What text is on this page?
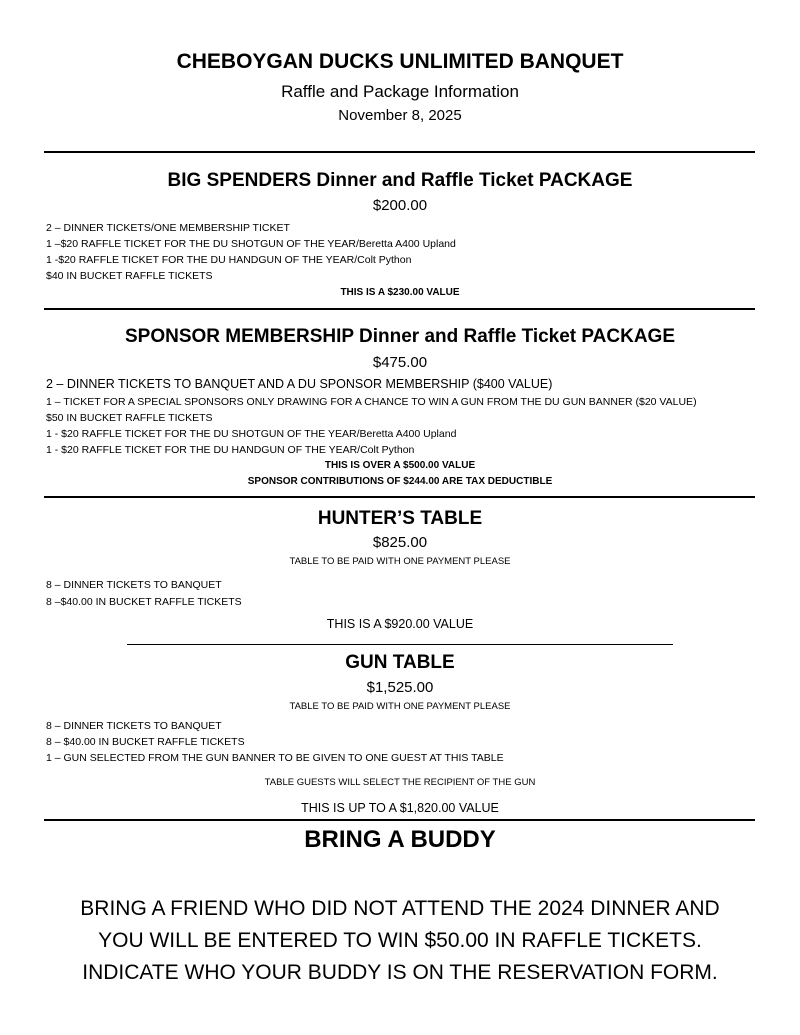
CHEBOYGAN DUCKS UNLIMITED BANQUET
Raffle and Package Information
November 8, 2025
BIG SPENDERS Dinner and Raffle Ticket PACKAGE
$200.00
2 – DINNER TICKETS/ONE MEMBERSHIP TICKET
1 –$20 RAFFLE TICKET FOR THE DU SHOTGUN OF THE YEAR/Beretta A400 Upland
1 -$20 RAFFLE TICKET FOR THE DU HANDGUN OF THE YEAR/Colt Python
$40 IN BUCKET RAFFLE TICKETS
THIS IS A $230.00 VALUE
SPONSOR MEMBERSHIP Dinner and Raffle Ticket PACKAGE
$475.00
2 – DINNER TICKETS TO BANQUET AND A DU SPONSOR MEMBERSHIP ($400 VALUE)
1 – TICKET FOR A SPECIAL SPONSORS ONLY DRAWING FOR A CHANCE TO WIN A GUN FROM THE DU GUN BANNER ($20 VALUE)
$50 IN BUCKET RAFFLE TICKETS
1 - $20 RAFFLE TICKET FOR THE DU SHOTGUN OF THE YEAR/Beretta A400 Upland
1 - $20 RAFFLE TICKET FOR THE DU HANDGUN OF THE YEAR/Colt Python
THIS IS OVER A $500.00 VALUE
SPONSOR CONTRIBUTIONS OF $244.00 ARE TAX DEDUCTIBLE
HUNTER’S TABLE
$825.00
TABLE TO BE PAID WITH ONE PAYMENT PLEASE
8 – DINNER TICKETS TO BANQUET
8 –$40.00 IN BUCKET RAFFLE TICKETS
THIS IS A $920.00 VALUE
GUN TABLE
$1,525.00
TABLE TO BE PAID WITH ONE PAYMENT PLEASE
8 – DINNER TICKETS TO BANQUET
8 – $40.00 IN BUCKET RAFFLE TICKETS
1 – GUN SELECTED FROM THE GUN BANNER TO BE GIVEN TO ONE GUEST AT THIS TABLE
TABLE GUESTS WILL SELECT THE RECIPIENT OF THE GUN
THIS IS UP TO A $1,820.00 VALUE
BRING A BUDDY
BRING A FRIEND WHO DID NOT ATTEND THE 2024 DINNER AND
YOU WILL BE ENTERED TO WIN $50.00 IN RAFFLE TICKETS.
INDICATE WHO YOUR BUDDY IS ON THE RESERVATION FORM.
